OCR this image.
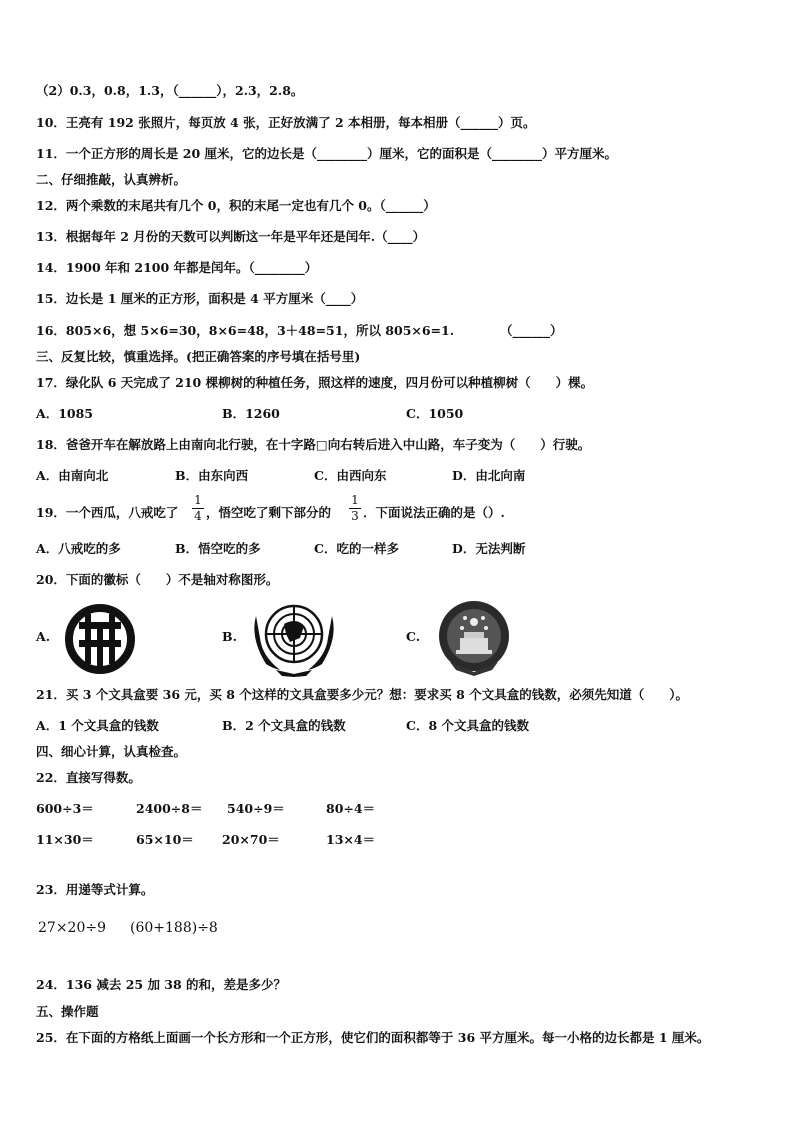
（2）0.3，0.8，1.3，（______），2.3，2.8。
10．王亮有 192 张照片，每页放 4 张，正好放满了 2 本相册，每本相册（______）页。
11．一个正方形的周长是 20 厘米，它的边长是（________）厘米，它的面积是（________）平方厘米。
二、仔细推敲，认真辨析。
12．两个乘数的末尾共有几个 0，积的末尾一定也有几个 0。（______）
13．根据每年 2 月份的天数可以判断这一年是平年还是闰年.（____）
14．1900 年和 2100 年都是闰年。（________）
15．边长是 1 厘米的正方形，面积是 4 平方厘米（____）
16．805×6，想 5×6=30，8×6=48，3＋48=51，所以 805×6=1.	（______）
三、反复比较，慎重选择。(把正确答案的序号填在括号里)
17．绿化队 6 天完成了 210 棵柳树的种植任务，照这样的速度，四月份可以种植柳树（　　）棵。
A．1085	B．1260	C．1050
18．爸爸开车在解放路上由南向北行驶，在十字路□向右转后进入中山路，车子变为（　　）行驶。
A．由南向北	B．由东向西	C．由西向东	D．由北向南
19．一个西瓜，八戒吃了
1
4 ，悟空吃了剩下部分的
1
3 ．下面说法正确的是（）.
A．八戒吃的多	B．悟空吃的多	C．吃的一样多	D．无法判断
20．下面的徽标（　　）不是轴对称图形。
A.	B.	C.
21．买 3 个文具盒要 36 元，买 8 个这样的文具盒要多少元？想：要求买 8 个文具盒的钱数，必须先知道（　　）。
A．1 个文具盒的钱数	B．2 个文具盒的钱数	C．8 个文具盒的钱数
四、细心计算，认真检查。
22．直接写得数。
600÷3＝	2400÷8＝ 540÷9＝	80÷4＝
11×30＝	65×10＝ 20×70＝	13×4＝
23．用递等式计算。
27×20÷9 (60+188)÷8
24．136 减去 25 加 38 的和，差是多少？
五、操作题
25．在下面的方格纸上面画一个长方形和一个正方形，使它们的面积都等于 36 平方厘米。每一小格的边长都是 1 厘米。
